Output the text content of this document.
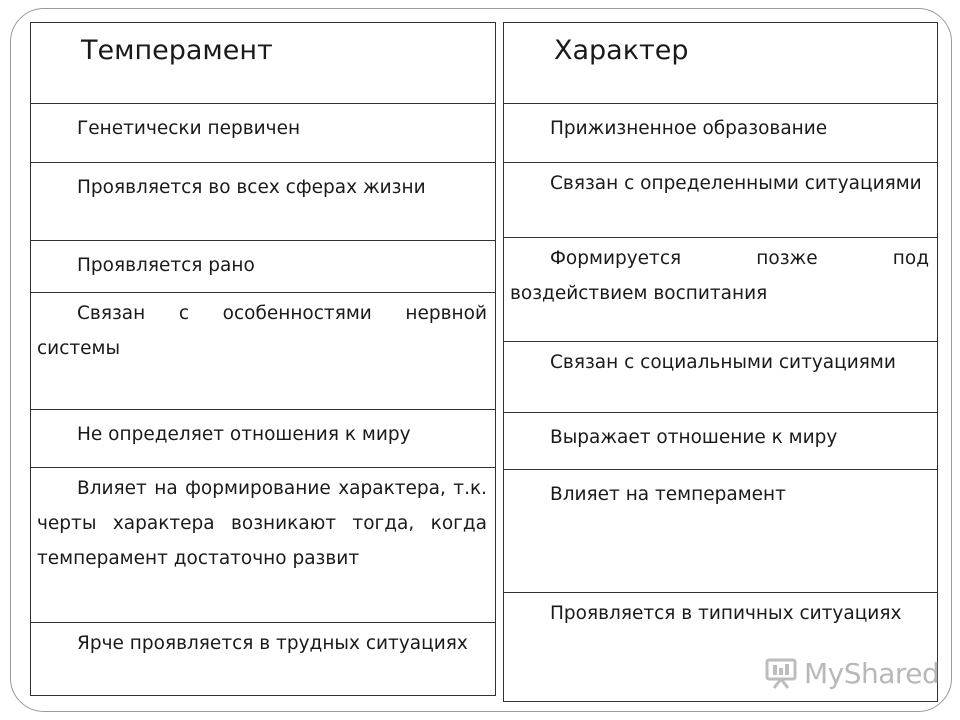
Темперамент
Генетически первичен
Проявляется во всех сферах жизни
Проявляется рано
Связан с особенностями нервной системы
Не определяет отношения к миру
Влияет на формирование характера, т.к. черты характера возникают тогда, когда темперамент достаточно развит
Ярче проявляется в трудных ситуациях
Характер
Прижизненное образование
Связан с определенными ситуациями
Формируется позже под воздействием воспитания
Связан с социальными ситуациями
Выражает отношение к миру
Влияет на темперамент
Проявляется в типичных ситуациях
MyShared
